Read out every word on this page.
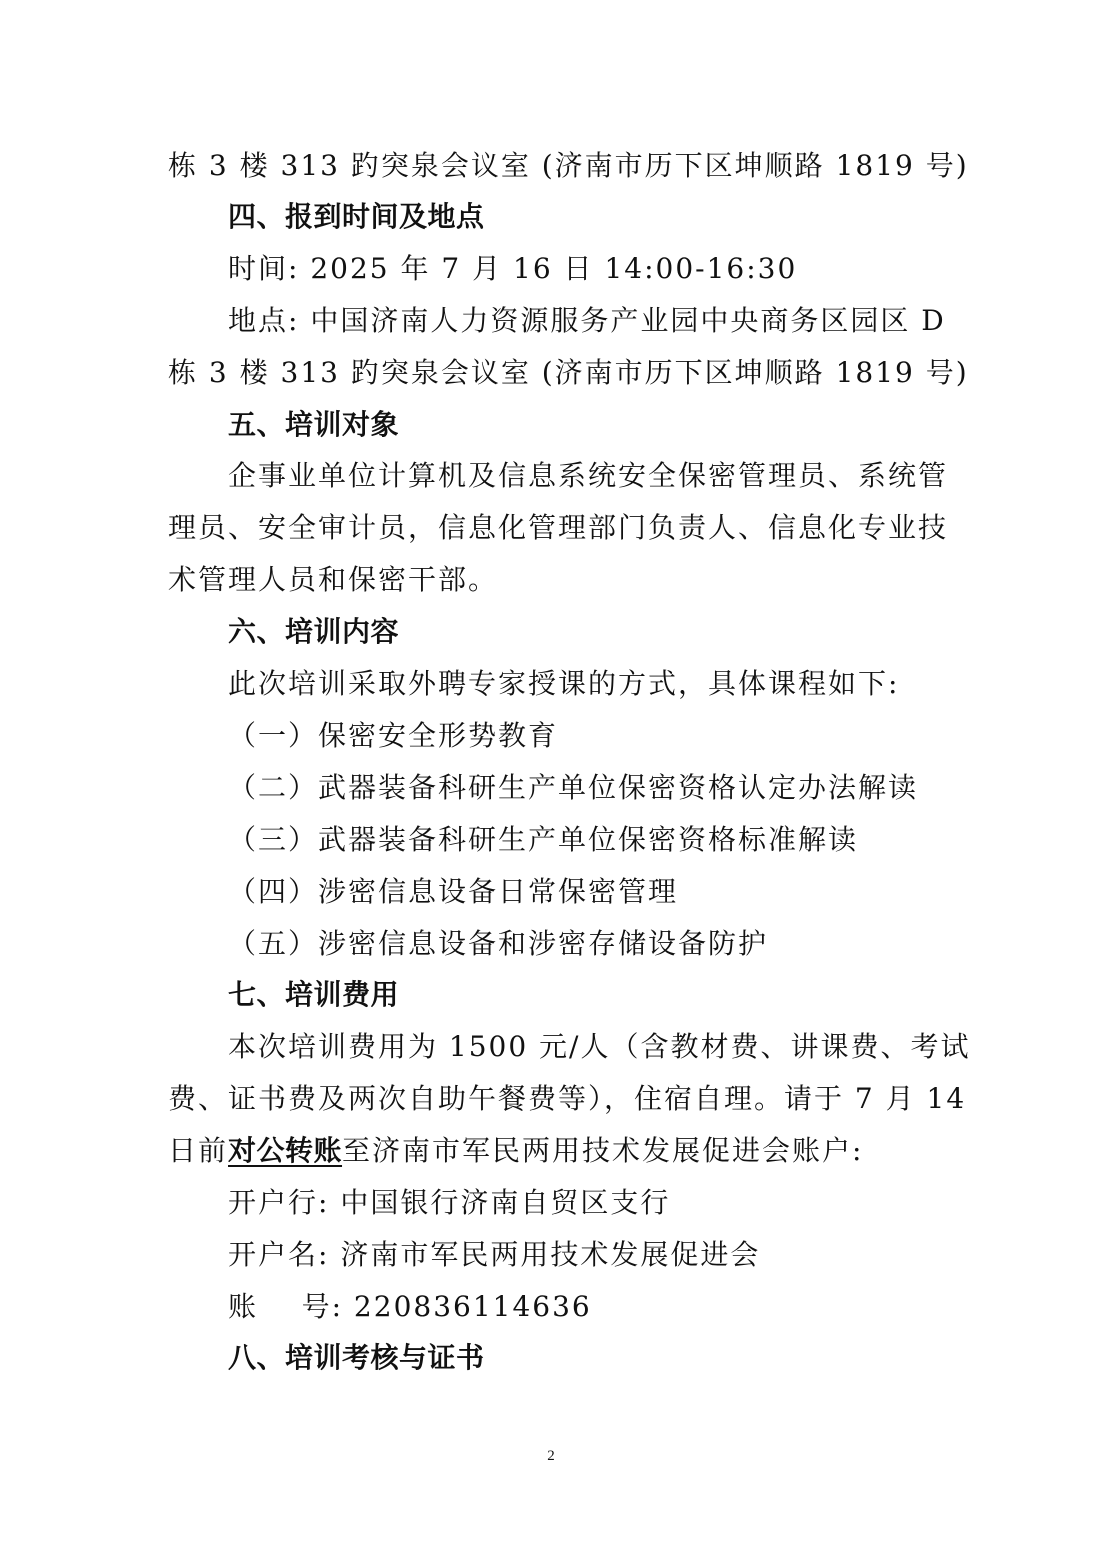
栋 3 楼 313 趵突泉会议室 (济南市历下区坤顺路 1819 号)
四、报到时间及地点
时间: 2025 年 7 月 16 日 14:00-16:30
地点: 中国济南人力资源服务产业园中央商务区园区 D
栋 3 楼 313 趵突泉会议室 (济南市历下区坤顺路 1819 号)
五、培训对象
企事业单位计算机及信息系统安全保密管理员、系统管
理员、安全审计员，信息化管理部门负责人、信息化专业技
术管理人员和保密干部。
六、培训内容
此次培训采取外聘专家授课的方式，具体课程如下:
（一）保密安全形势教育
（二）武器装备科研生产单位保密资格认定办法解读
（三）武器装备科研生产单位保密资格标准解读
（四）涉密信息设备日常保密管理
（五）涉密信息设备和涉密存储设备防护
七、培训费用
本次培训费用为 1500 元/人（含教材费、讲课费、考试
费、证书费及两次自助午餐费等），住宿自理。请于 7 月 14
日前对公转账至济南市军民两用技术发展促进会账户:
开户行: 中国银行济南自贸区支行
开户名: 济南市军民两用技术发展促进会
账    号: 220836114636
八、培训考核与证书
2
